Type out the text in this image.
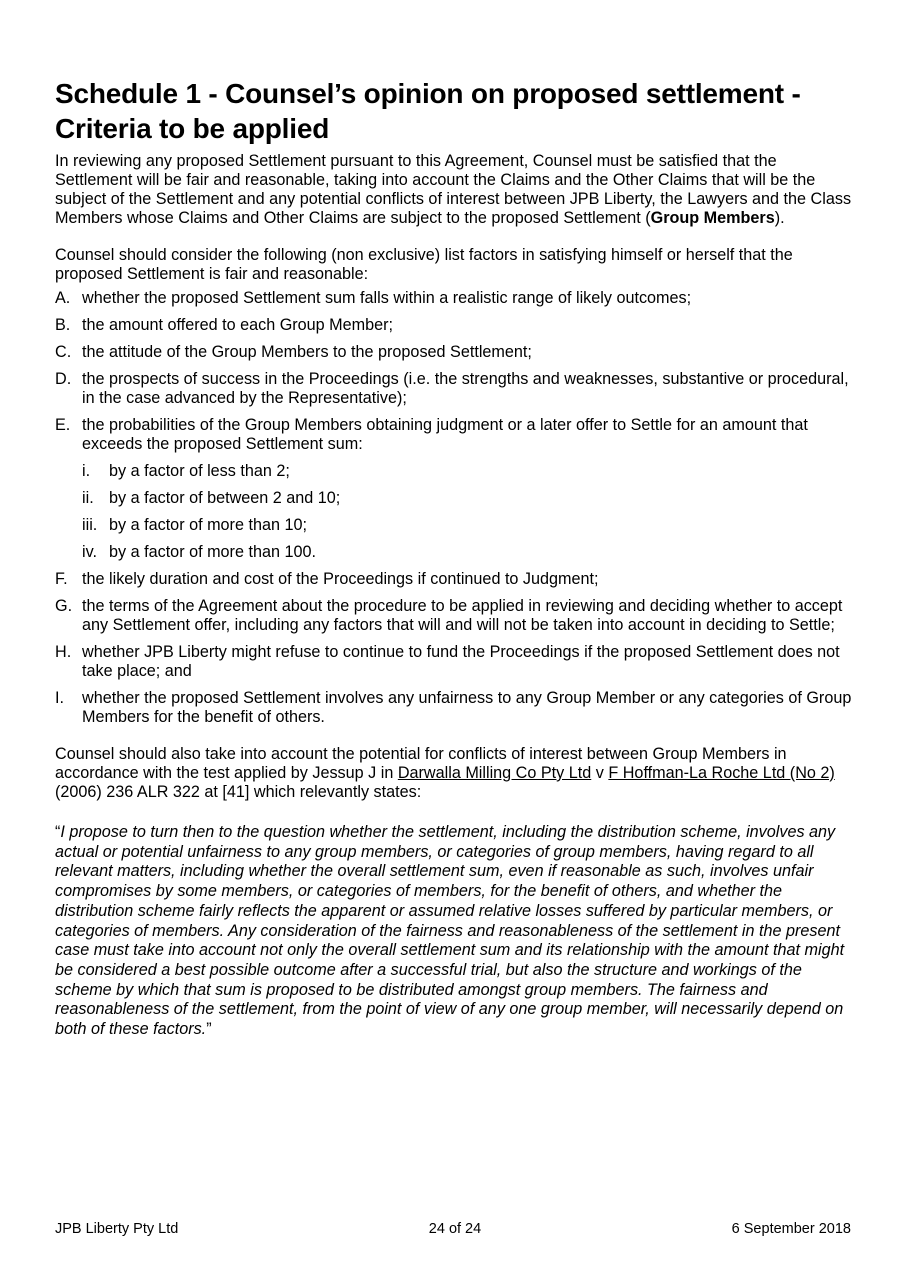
Schedule 1 - Counsel’s opinion on proposed settlement - Criteria to be applied

In reviewing any proposed Settlement pursuant to this Agreement, Counsel must be satisfied that the Settlement will be fair and reasonable, taking into account the Claims and the Other Claims that will be the subject of the Settlement and any potential conflicts of interest between JPB Liberty, the Lawyers and the Class Members whose Claims and Other Claims are subject to the proposed Settlement (Group Members).

Counsel should consider the following (non exclusive) list factors in satisfying himself or herself that the proposed Settlement is fair and reasonable:

A. whether the proposed Settlement sum falls within a realistic range of likely outcomes;
B. the amount offered to each Group Member;
C. the attitude of the Group Members to the proposed Settlement;
D. the prospects of success in the Proceedings (i.e. the strengths and weaknesses, substantive or procedural, in the case advanced by the Representative);
E. the probabilities of the Group Members obtaining judgment or a later offer to Settle for an amount that exceeds the proposed Settlement sum:
i. by a factor of less than 2;
ii. by a factor of between 2 and 10;
iii. by a factor of more than 10;
iv. by a factor of more than 100.
F. the likely duration and cost of the Proceedings if continued to Judgment;
G. the terms of the Agreement about the procedure to be applied in reviewing and deciding whether to accept any Settlement offer, including any factors that will and will not be taken into account in deciding to Settle;
H. whether JPB Liberty might refuse to continue to fund the Proceedings if the proposed Settlement does not take place; and
I. whether the proposed Settlement involves any unfairness to any Group Member or any categories of Group Members for the benefit of others.

Counsel should also take into account the potential for conflicts of interest between Group Members in accordance with the test applied by Jessup J in Darwalla Milling Co Pty Ltd v F Hoffman-La Roche Ltd (No 2) (2006) 236 ALR 322 at [41] which relevantly states:

“I propose to turn then to the question whether the settlement, including the distribution scheme, involves any actual or potential unfairness to any group members, or categories of group members, having regard to all relevant matters, including whether the overall settlement sum, even if reasonable as such, involves unfair compromises by some members, or categories of members, for the benefit of others, and whether the distribution scheme fairly reflects the apparent or assumed relative losses suffered by particular members, or categories of members. Any consideration of the fairness and reasonableness of the settlement in the present case must take into account not only the overall settlement sum and its relationship with the amount that might be considered a best possible outcome after a successful trial, but also the structure and workings of the scheme by which that sum is proposed to be distributed amongst group members. The fairness and reasonableness of the settlement, from the point of view of any one group member, will necessarily depend on both of these factors.”

JPB Liberty Pty Ltd	24 of 24	6 September 2018
